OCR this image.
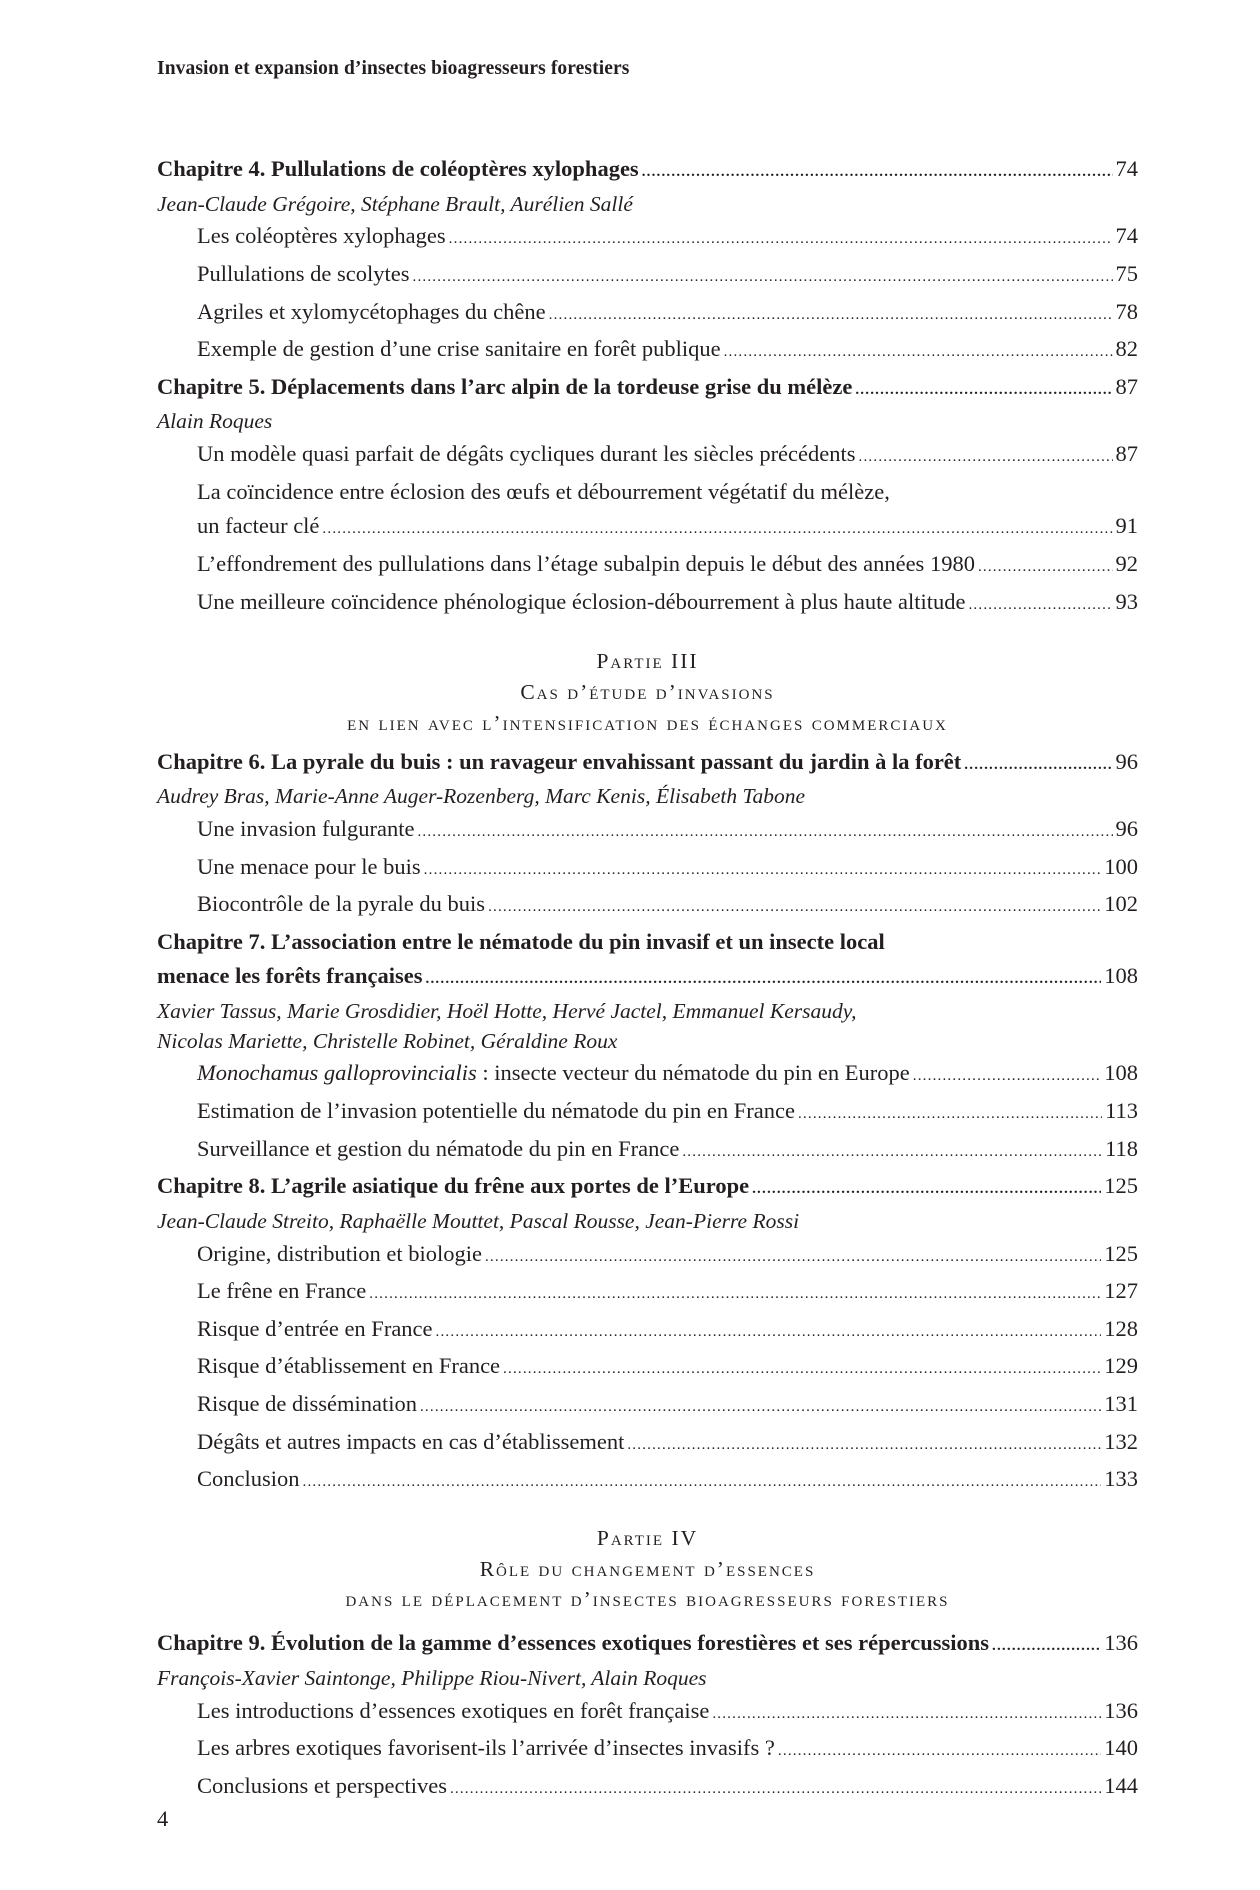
Invasion et expansion d’insectes bioagresseurs forestiers
Chapitre 4. Pullulations de coléoptères xylophages .....	74
Jean-Claude Grégoire, Stéphane Brault, Aurélien Sallé
Les coléoptères xylophages .....	74
Pullulations de scolytes .....	75
Agriles et xylomycétophages du chêne .....	78
Exemple de gestion d’une crise sanitaire en forêt publique .....	82
Chapitre 5. Déplacements dans l’arc alpin de la tordeuse grise du mélèze .....	87
Alain Roques
Un modèle quasi parfait de dégâts cycliques durant les siècles précédents .....	87
La coïncidence entre éclosion des œufs et débourrement végétatif du mélèze,
un facteur clé .....	91
L’effondrement des pullulations dans l’étage subalpin depuis le début des années 1980 .....	92
Une meilleure coïncidence phénologique éclosion-débourrement à plus haute altitude .....	93
Partie III
Cas d’étude d’invasions
en lien avec l’intensification des échanges commerciaux
Chapitre 6. La pyrale du buis : un ravageur envahissant passant du jardin à la forêt .....	96
Audrey Bras, Marie-Anne Auger-Rozenberg, Marc Kenis, Élisabeth Tabone
Une invasion fulgurante .....	96
Une menace pour le buis .....	100
Biocontrôle de la pyrale du buis .....	102
Chapitre 7. L’association entre le nématode du pin invasif et un insecte local
menace les forêts françaises .....	108
Xavier Tassus, Marie Grosdidier, Hoël Hotte, Hervé Jactel, Emmanuel Kersaudy,
Nicolas Mariette, Christelle Robinet, Géraldine Roux
Monochamus galloprovincialis : insecte vecteur du nématode du pin en Europe .....	108
Estimation de l’invasion potentielle du nématode du pin en France .....	113
Surveillance et gestion du nématode du pin en France .....	118
Chapitre 8. L’agrile asiatique du frêne aux portes de l’Europe .....	125
Jean-Claude Streito, Raphaëlle Mouttet, Pascal Rousse, Jean-Pierre Rossi
Origine, distribution et biologie .....	125
Le frêne en France .....	127
Risque d’entrée en France .....	128
Risque d’établissement en France .....	129
Risque de dissémination .....	131
Dégâts et autres impacts en cas d’établissement .....	132
Conclusion .....	133
Partie IV
Rôle du changement d’essences
dans le déplacement d’insectes bioagresseurs forestiers
Chapitre 9. Évolution de la gamme d’essences exotiques forestières et ses répercussions .....	136
François-Xavier Saintonge, Philippe Riou-Nivert, Alain Roques
Les introductions d’essences exotiques en forêt française .....	136
Les arbres exotiques favorisent-ils l’arrivée d’insectes invasifs ? .....	140
Conclusions et perspectives .....	144
4
